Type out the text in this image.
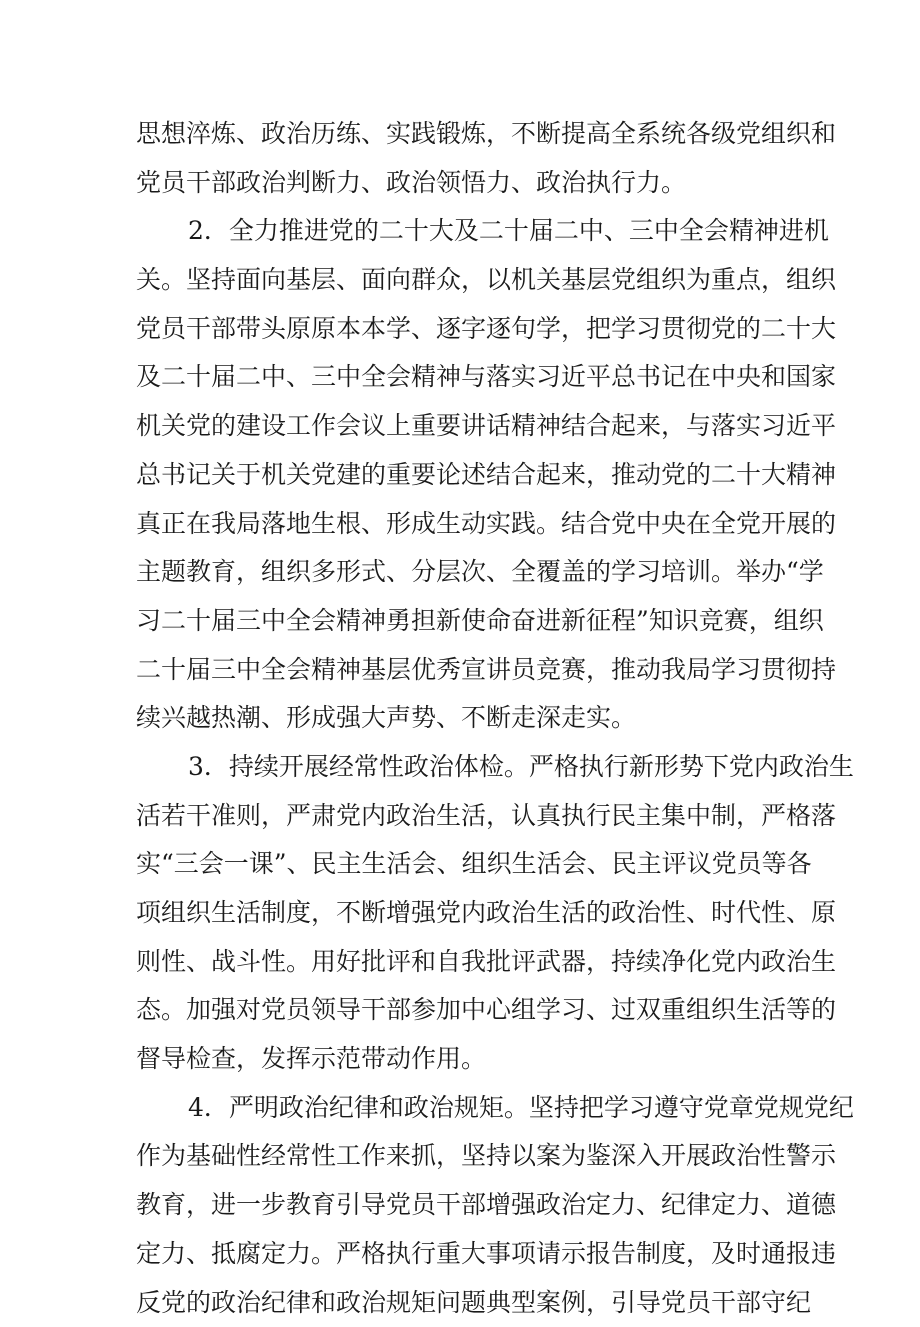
思想淬炼、政治历练、实践锻炼，不断提高全系统各级党组织和
党员干部政治判断力、政治领悟力、政治执行力。
2．全力推进党的二十大及二十届二中、三中全会精神进机
关。坚持面向基层、面向群众，以机关基层党组织为重点，组织
党员干部带头原原本本学、逐字逐句学，把学习贯彻党的二十大
及二十届二中、三中全会精神与落实习近平总书记在中央和国家
机关党的建设工作会议上重要讲话精神结合起来，与落实习近平
总书记关于机关党建的重要论述结合起来，推动党的二十大精神
真正在我局落地生根、形成生动实践。结合党中央在全党开展的
主题教育，组织多形式、分层次、全覆盖的学习培训。举办“学
习二十届三中全会精神勇担新使命奋进新征程”知识竞赛，组织
二十届三中全会精神基层优秀宣讲员竞赛，推动我局学习贯彻持
续兴越热潮、形成强大声势、不断走深走实。
3．持续开展经常性政治体检。严格执行新形势下党内政治生
活若干准则，严肃党内政治生活，认真执行民主集中制，严格落
实“三会一课”、民主生活会、组织生活会、民主评议党员等各
项组织生活制度，不断增强党内政治生活的政治性、时代性、原
则性、战斗性。用好批评和自我批评武器，持续净化党内政治生
态。加强对党员领导干部参加中心组学习、过双重组织生活等的
督导检查，发挥示范带动作用。
4．严明政治纪律和政治规矩。坚持把学习遵守党章党规党纪
作为基础性经常性工作来抓，坚持以案为鉴深入开展政治性警示
教育，进一步教育引导党员干部增强政治定力、纪律定力、道德
定力、抵腐定力。严格执行重大事项请示报告制度，及时通报违
反党的政治纪律和政治规矩问题典型案例，引导党员干部守纪
